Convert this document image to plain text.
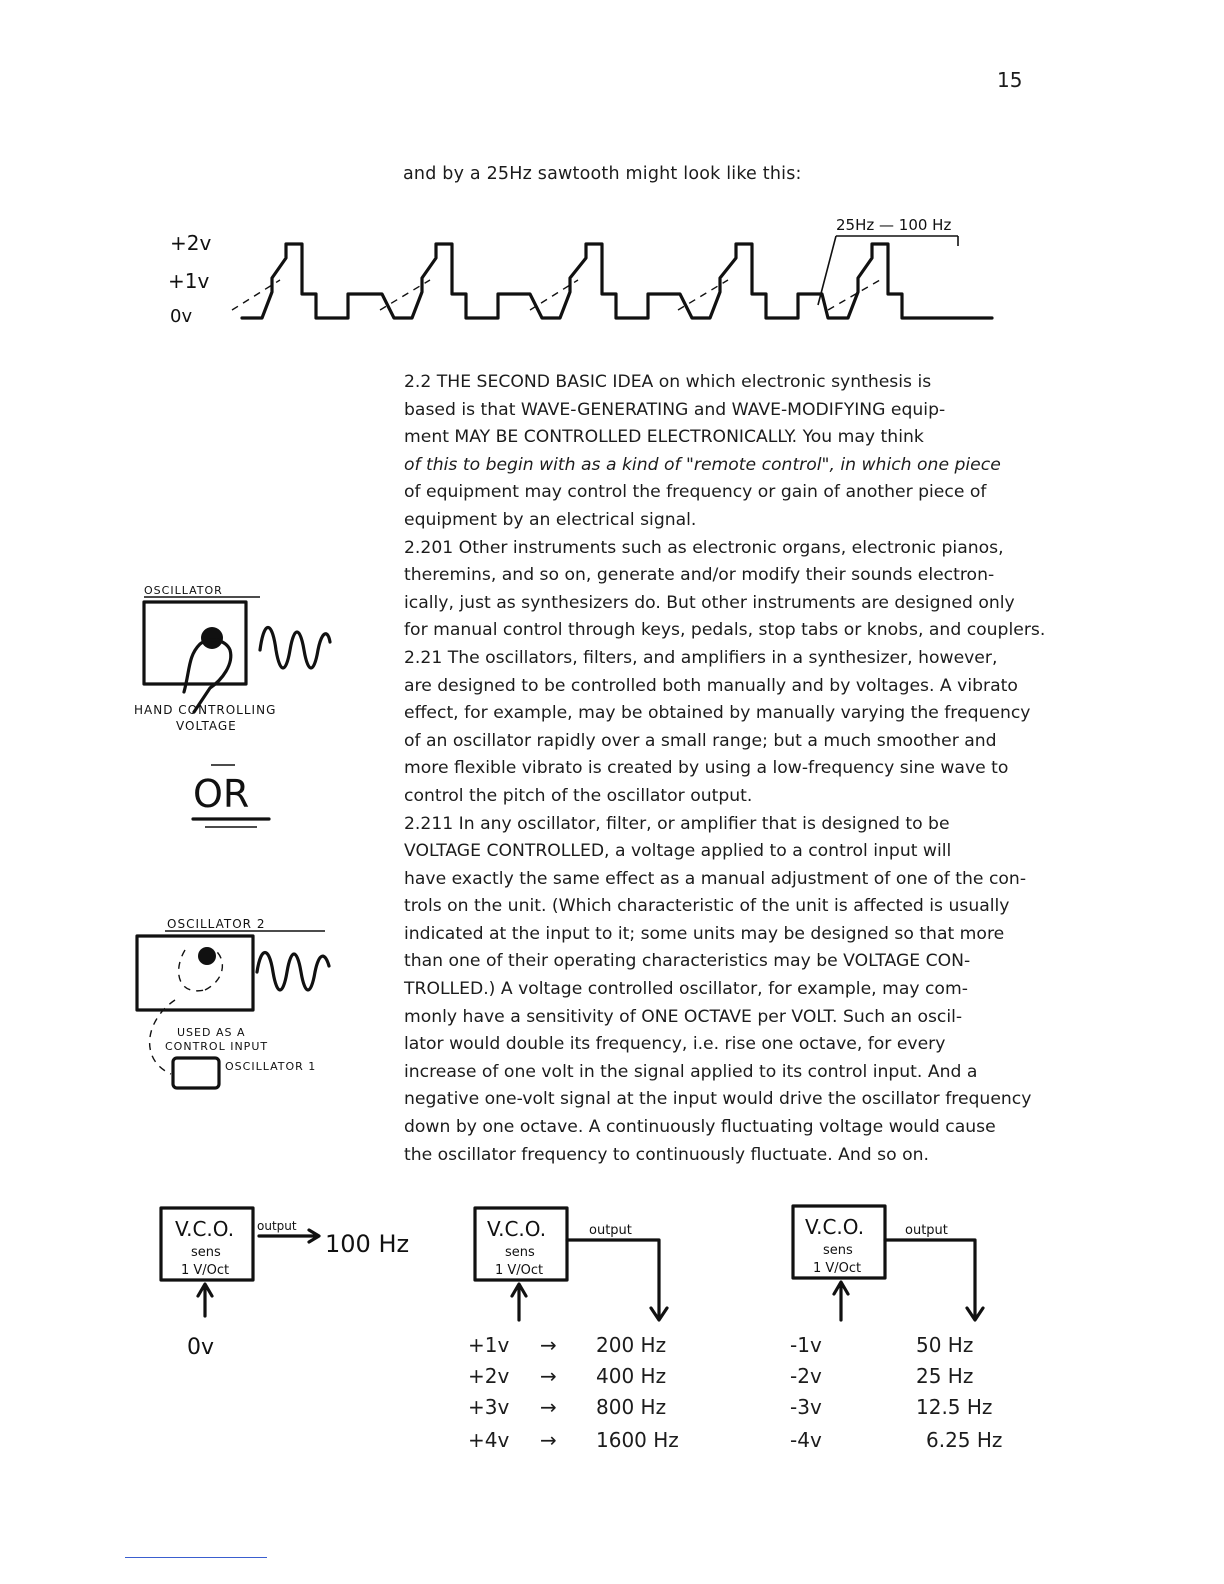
15
and by a 25Hz sawtooth might look like this:
+2v
+1v
0v
25Hz — 100 Hz

2.2 THE SECOND BASIC IDEA on which electronic synthesis is

based is that WAVE-GENERATING and WAVE-MODIFYING equip-

ment MAY BE CONTROLLED ELECTRONICALLY. You may think

of this to begin with as a kind of "remote control", in which one piece

of equipment may control the frequency or gain of another piece of

equipment by an electrical signal.

2.201 Other instruments such as electronic organs, electronic pianos,

theremins, and so on, generate and/or modify their sounds electron-

ically, just as synthesizers do. But other instruments are designed only

for manual control through keys, pedals, stop tabs or knobs, and couplers.

2.21 The oscillators, filters, and amplifiers in a synthesizer, however,

are designed to be controlled both manually and by voltages. A vibrato

effect, for example, may be obtained by manually varying the frequency

of an oscillator rapidly over a small range; but a much smoother and

more flexible vibrato is created by using a low-frequency sine wave to

control the pitch of the oscillator output.

2.211 In any oscillator, filter, or amplifier that is designed to be

VOLTAGE CONTROLLED, a voltage applied to a control input will

have exactly the same effect as a manual adjustment of one of the con-

trols on the unit. (Which characteristic of the unit is affected is usually

indicated at the input to it; some units may be designed so that more

than one of their operating characteristics may be VOLTAGE CON-

TROLLED.) A voltage controlled oscillator, for example, may com-

monly have a sensitivity of ONE OCTAVE per VOLT. Such an oscil-

lator would double its frequency, i.e. rise one octave, for every

increase of one volt in the signal applied to its control input. And a

negative one-volt signal at the input would drive the oscillator frequency

down by one octave. A continuously fluctuating voltage would cause

the oscillator frequency to continuously fluctuate. And so on.

OSCILLATOR
HAND CONTROLLING
VOLTAGE
OR
OSCILLATOR 2
USED AS A
CONTROL INPUT
OSCILLATOR 1
V.C.O.
sens
1 V/Oct
output
100 Hz
0v
V.C.O.
sens
1 V/Oct
output
+1v	→ 200 Hz
+2v	→ 400 Hz
+3v	→ 800 Hz
+4v	→ 1600 Hz
V.C.O.
sens
1 V/Oct
output
-1v	50 Hz
-2v	25 Hz
-3v	12.5 Hz
-4v	6.25 Hz
